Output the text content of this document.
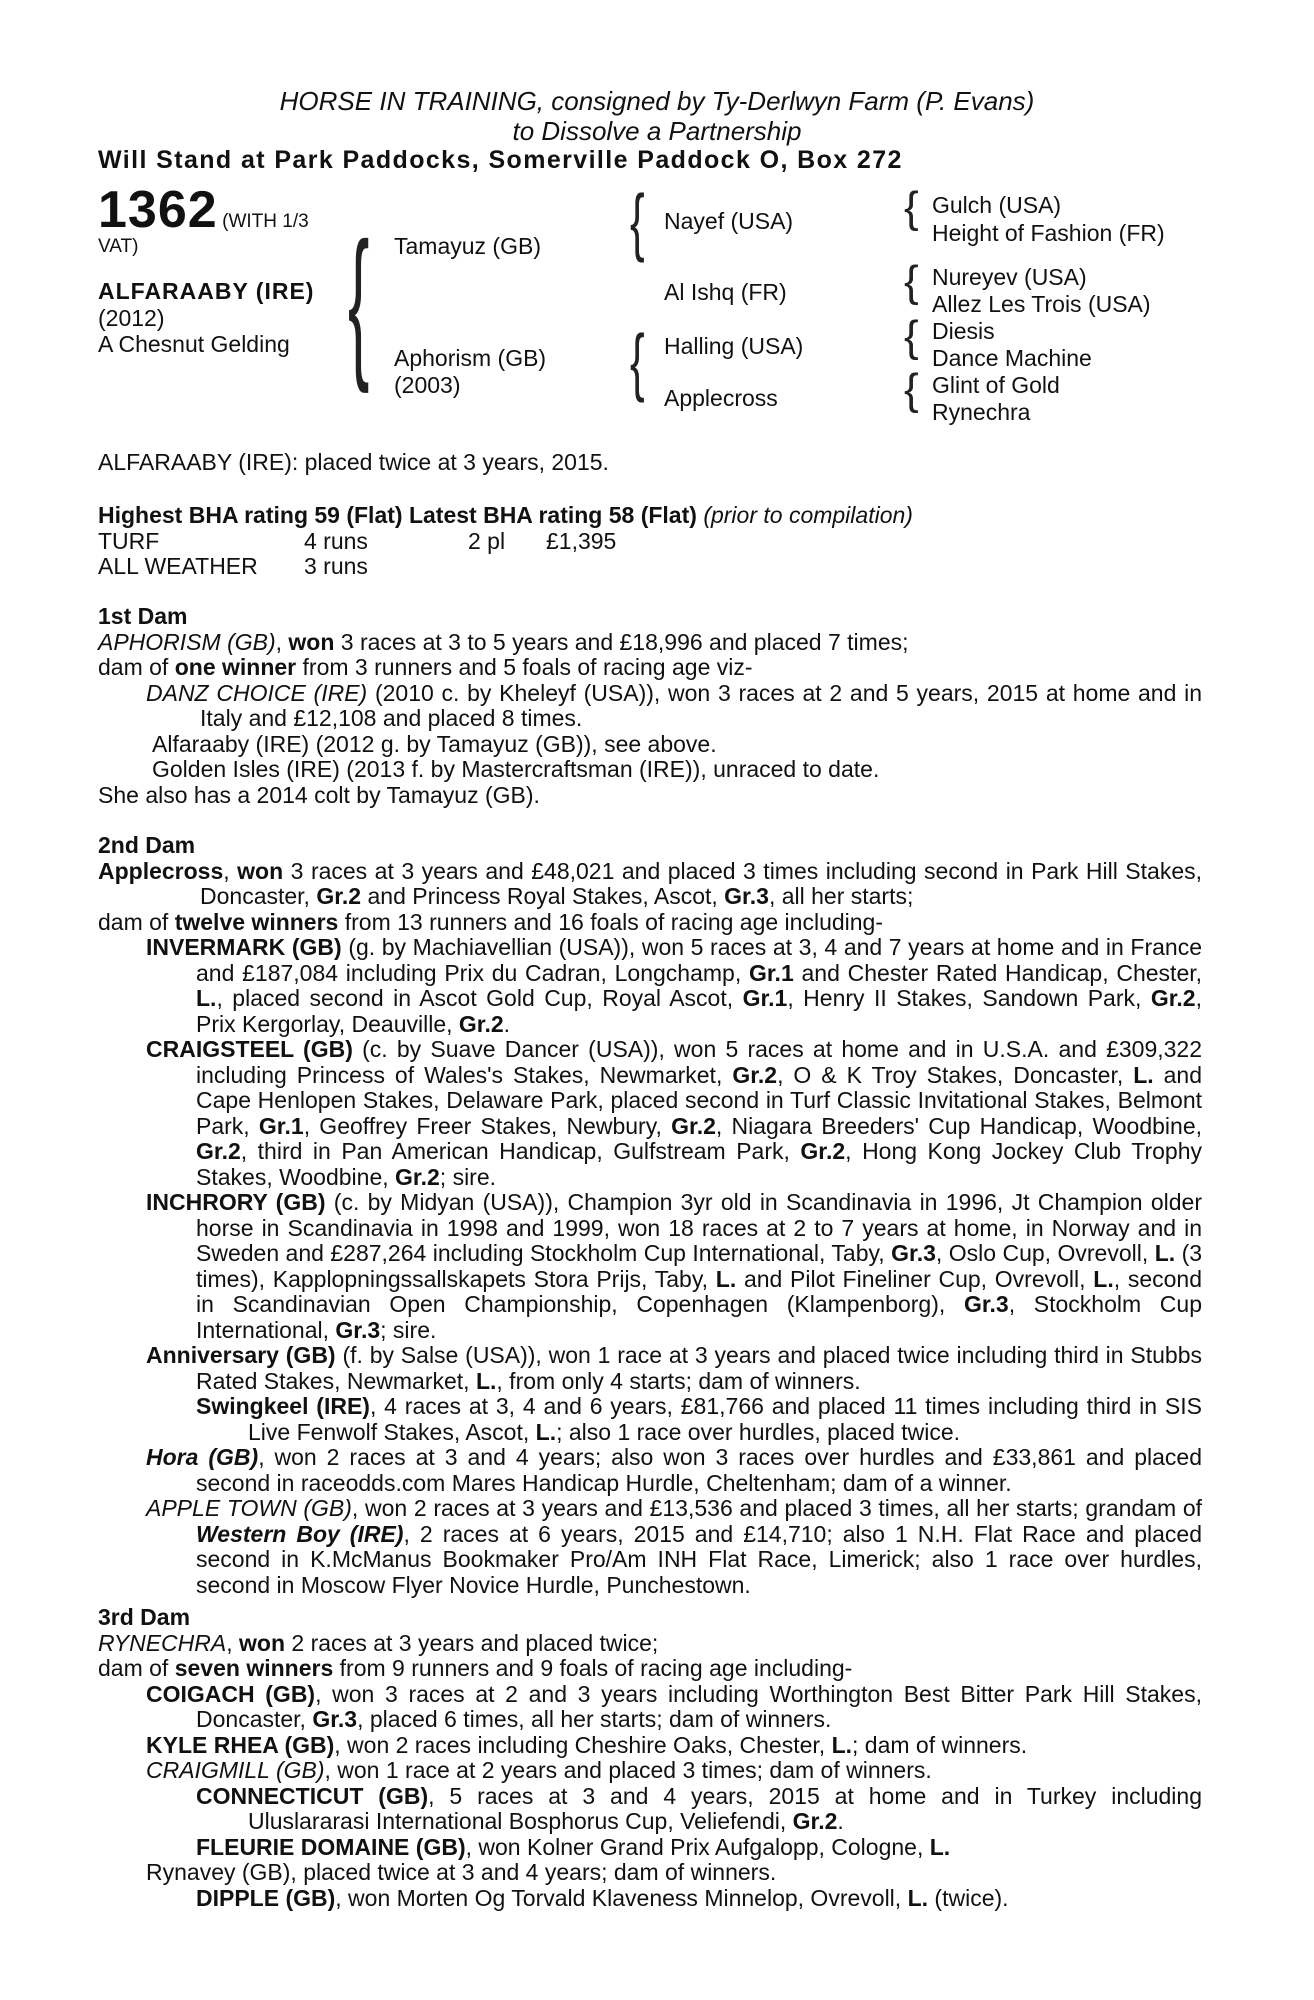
HORSE IN TRAINING, consigned by Ty-Derlwyn Farm (P. Evans)
to Dissolve a Partnership
Will Stand at Park Paddocks, Somerville Paddock O, Box 272
1362 (WITH 1/3
VAT)
ALFARAABY (IRE)
(2012)
A Chesnut Gelding { Tamayuz (GB)
Aphorism (GB)
(2003)
{ Nayef (USA)
Al Ishq (FR)
{ Halling (USA)
Applecross
{ Gulch (USA)
Height of Fashion (FR)
{ Nureyev (USA)
Allez Les Trois (USA)
{ Diesis
Dance Machine
{ Glint of Gold
Rynechra
ALFARAABY (IRE): placed twice at 3 years, 2015.
Highest BHA rating 59 (Flat) Latest BHA rating 58 (Flat) (prior to compilation)
TURF	4 runs	2 pl £1,395
ALL WEATHER 3 runs

1st Dam

APHORISM (GB), won 3 races at 3 to 5 years and £18,996 and placed 7 times;

dam of one winner from 3 runners and 5 foals of racing age viz-

DANZ CHOICE (IRE) (2010 c. by Kheleyf (USA)), won 3 races at 2 and 5 years, 2015 at home and in Italy and £12,108 and placed 8 times.

Alfaraaby (IRE) (2012 g. by Tamayuz (GB)), see above.

Golden Isles (IRE) (2013 f. by Mastercraftsman (IRE)), unraced to date.

She also has a 2014 colt by Tamayuz (GB).

2nd Dam

Applecross, won 3 races at 3 years and £48,021 and placed 3 times including second in Park Hill Stakes, Doncaster, Gr.2 and Princess Royal Stakes, Ascot, Gr.3, all her starts;

dam of twelve winners from 13 runners and 16 foals of racing age including-

INVERMARK (GB) (g. by Machiavellian (USA)), won 5 races at 3, 4 and 7 years at home and in France and £187,084 including Prix du Cadran, Longchamp, Gr.1 and Chester Rated Handicap, Chester, L., placed second in Ascot Gold Cup, Royal Ascot, Gr.1, Henry II Stakes, Sandown Park, Gr.2, Prix Kergorlay, Deauville, Gr.2.

CRAIGSTEEL (GB) (c. by Suave Dancer (USA)), won 5 races at home and in U.S.A. and £309,322 including Princess of Wales's Stakes, Newmarket, Gr.2, O & K Troy Stakes, Doncaster, L. and Cape Henlopen Stakes, Delaware Park, placed second in Turf Classic Invitational Stakes, Belmont Park, Gr.1, Geoffrey Freer Stakes, Newbury, Gr.2, Niagara Breeders' Cup Handicap, Woodbine, Gr.2, third in Pan American Handicap, Gulfstream Park, Gr.2, Hong Kong Jockey Club Trophy Stakes, Woodbine, Gr.2; sire.

INCHRORY (GB) (c. by Midyan (USA)), Champion 3yr old in Scandinavia in 1996, Jt Champion older horse in Scandinavia in 1998 and 1999, won 18 races at 2 to 7 years at home, in Norway and in Sweden and £287,264 including Stockholm Cup International, Taby, Gr.3, Oslo Cup, Ovrevoll, L. (3 times), Kapplopningssallskapets Stora Prijs, Taby, L. and Pilot Fineliner Cup, Ovrevoll, L., second in Scandinavian Open Championship, Copenhagen (Klampenborg), Gr.3, Stockholm Cup International, Gr.3; sire.

Anniversary (GB) (f. by Salse (USA)), won 1 race at 3 years and placed twice including third in Stubbs Rated Stakes, Newmarket, L., from only 4 starts; dam of winners.

Swingkeel (IRE), 4 races at 3, 4 and 6 years, £81,766 and placed 11 times including third in SIS Live Fenwolf Stakes, Ascot, L.; also 1 race over hurdles, placed twice.

Hora (GB), won 2 races at 3 and 4 years; also won 3 races over hurdles and £33,861 and placed second in raceodds.com Mares Handicap Hurdle, Cheltenham; dam of a winner.

APPLE TOWN (GB), won 2 races at 3 years and £13,536 and placed 3 times, all her starts; grandam of Western Boy (IRE), 2 races at 6 years, 2015 and £14,710; also 1 N.H. Flat Race and placed second in K.McManus Bookmaker Pro/Am INH Flat Race, Limerick; also 1 race over hurdles, second in Moscow Flyer Novice Hurdle, Punchestown.

3rd Dam

RYNECHRA, won 2 races at 3 years and placed twice;

dam of seven winners from 9 runners and 9 foals of racing age including-

COIGACH (GB), won 3 races at 2 and 3 years including Worthington Best Bitter Park Hill Stakes, Doncaster, Gr.3, placed 6 times, all her starts; dam of winners.

KYLE RHEA (GB), won 2 races including Cheshire Oaks, Chester, L.; dam of winners.

CRAIGMILL (GB), won 1 race at 2 years and placed 3 times; dam of winners.

CONNECTICUT (GB), 5 races at 3 and 4 years, 2015 at home and in Turkey including Uluslararasi International Bosphorus Cup, Veliefendi, Gr.2.

FLEURIE DOMAINE (GB), won Kolner Grand Prix Aufgalopp, Cologne, L.

Rynavey (GB), placed twice at 3 and 4 years; dam of winners.

DIPPLE (GB), won Morten Og Torvald Klaveness Minnelop, Ovrevoll, L. (twice).
